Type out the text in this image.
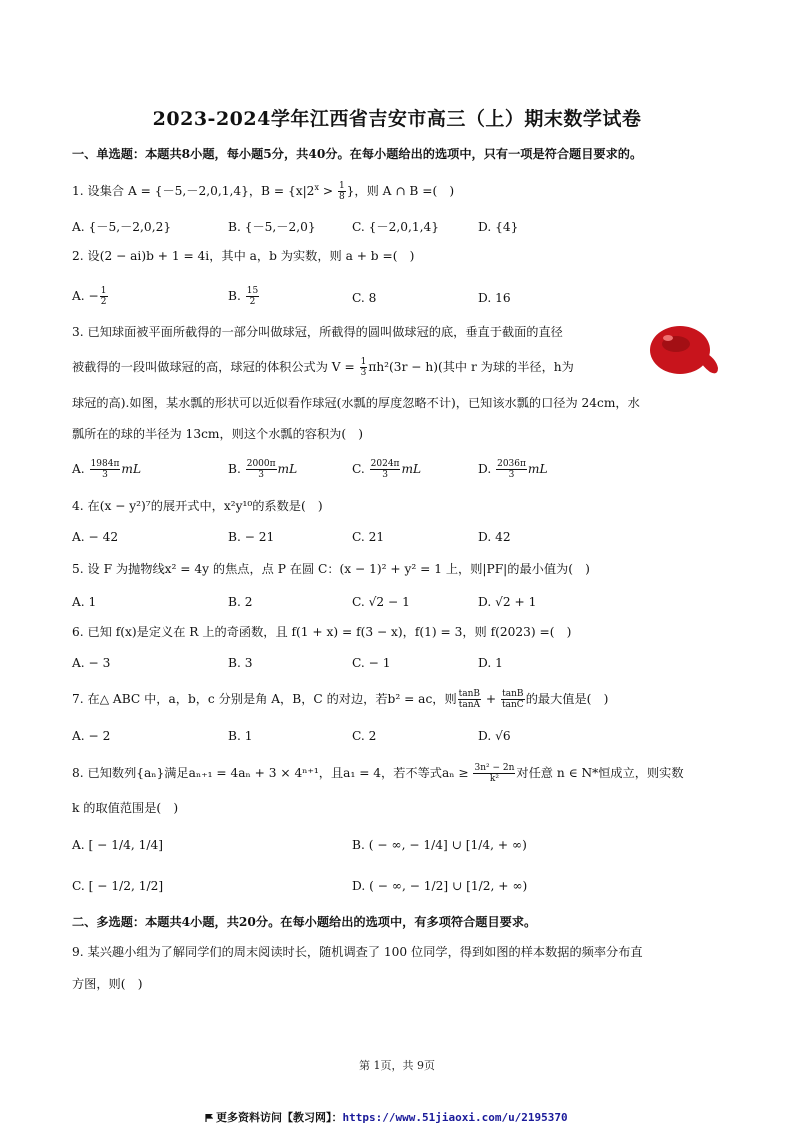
2023-2024学年江西省吉安市高三（上）期末数学试卷
一、单选题：本题共8小题，每小题5分，共40分。在每小题给出的选项中，只有一项是符合题目要求的。
1. 设集合 A = {－5,－2,0,1,4}，$B = \{x|2^x > \frac{1}{8}$ }，则 A ∩ B =(　)
A. {－5,－2,0,2}	B. {－5,－2,0}	C. {－2,0,1,4}	D. {4}
2. 设(2 − ai)b + 1 = 4i，其中 a，b 为实数，则 a + b =(　)
A. − $\frac{1}{2}$	B. $\frac{15}{2}$	C. 8	D. 16
3. 已知球面被平面所截得的一部分叫做球冠，所截得的圆叫做球冠的底，垂直于截面的直径
被截得的一段叫做球冠的高，球冠的体积公式为 $V = \frac{1}{3} \pi h^2(3r - h)$(其中 r 为球的半径，h为
球冠的高).如图，某水瓢的形状可以近似看作球冠(水瓢的厚度忽略不计)，已知该水瓢的口径为 24cm，水
瓢所在的球的半径为 13cm，则这个水瓢的容积为(　)
A. $\frac{1984\pi}{3}$ mL	B. $\frac{2000\pi}{3}$ mL	C. $\frac{2024\pi}{3}$ mL	D. $\frac{2036\pi}{3}$ mL
4. 在(x − y²)⁷的展开式中，x²y¹⁰的系数是(　)
A. − 42	B. − 21	C. 21	D. 42
5. 设 F 为抛物线x² = 4y 的焦点，点 P 在圆 C：(x − 1)² + y² = 1 上，则|PF|的最小值为(　)
A. 1	B. 2	C. √2 − 1	D. √2 + 1
6. 已知 f(x)是定义在 R 上的奇函数，且 f(1 + x) = f(3 − x)，f(1) = 3，则 f(2023) =(　)
A. − 3	B. 3	C. − 1	D. 1
7. 在△ ABC 中，a，b，c 分别是角 A，B，C 的对边，若b² = ac，则 $\frac{\tan B}{\tan A} + \frac{\tan B}{\tan C}$ 的最大值是(　)
A. − 2	B. 1	C. 2	D. √6
8. 已知数列{aₙ}满足aₙ₊₁ = 4aₙ + 3 × 4ⁿ⁺¹，且a₁ = 4，若不等式$a_n \ge \frac{\text{3n² − 2n}}{\text{k²}}$ 对任意 n ∈ N*恒成立，则实数
k 的取值范围是(　)
A. [ − 1/4, 1/4]	B. ( − ∞, − 1/4] ∪ [1/4, + ∞)
C. [ − 1/2, 1/2]	D. ( − ∞, − 1/2] ∪ [1/2, + ∞)
二、多选题：本题共4小题，共20分。在每小题给出的选项中，有多项符合题目要求。
9. 某兴趣小组为了解同学们的周末阅读时长，随机调查了 100 位同学，得到如图的样本数据的频率分布直
方图，则(　)
第 1页，共 9页
更多资料访问【教习网】：https://www.51jiaoxi.com/u/2195370
